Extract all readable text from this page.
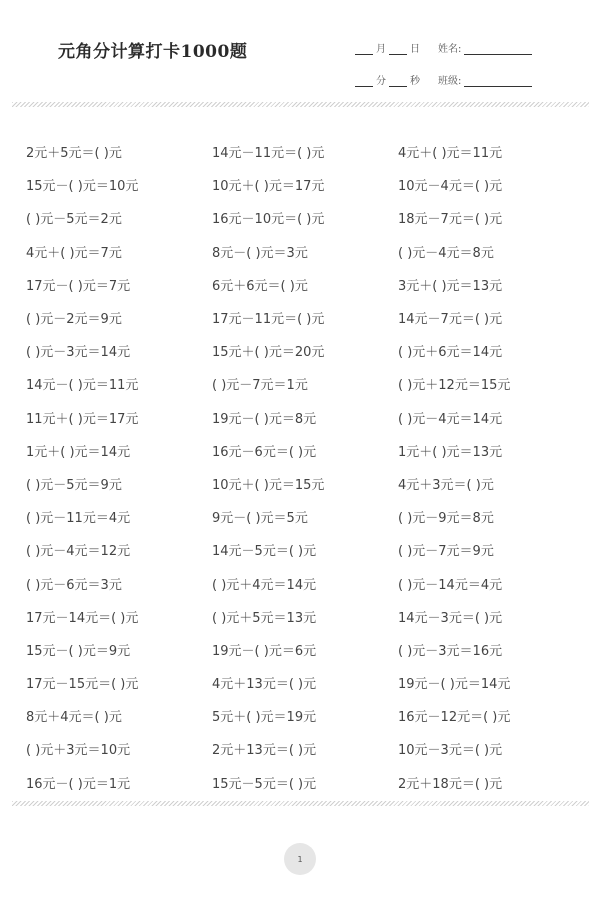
元角分计算打卡1000题	月 日 姓名:
分 秒 班级:
2元＋5元＝( )元	14元－11元＝( )元	4元＋( )元＝11元
15元－( )元＝10元	10元＋( )元＝17元	10元－4元＝( )元
( )元－5元＝2元	16元－10元＝( )元	18元－7元＝( )元
4元＋( )元＝7元	8元－( )元＝3元	( )元－4元＝8元
17元－( )元＝7元	6元＋6元＝( )元	3元＋( )元＝13元
( )元－2元＝9元	17元－11元＝( )元	14元－7元＝( )元
( )元－3元＝14元	15元＋( )元＝20元	( )元＋6元＝14元
14元－( )元＝11元	( )元－7元＝1元	( )元＋12元＝15元
11元＋( )元＝17元	19元－( )元＝8元	( )元－4元＝14元
1元＋( )元＝14元	16元－6元＝( )元	1元＋( )元＝13元
( )元－5元＝9元	10元＋( )元＝15元	4元＋3元＝( )元
( )元－11元＝4元	9元－( )元＝5元	( )元－9元＝8元
( )元－4元＝12元	14元－5元＝( )元	( )元－7元＝9元
( )元－6元＝3元	( )元＋4元＝14元	( )元－14元＝4元
17元－14元＝( )元	( )元＋5元＝13元	14元－3元＝( )元
15元－( )元＝9元	19元－( )元＝6元	( )元－3元＝16元
17元－15元＝( )元	4元＋13元＝( )元	19元－( )元＝14元
8元＋4元＝( )元	5元＋( )元＝19元	16元－12元＝( )元
( )元＋3元＝10元	2元＋13元＝( )元	10元－3元＝( )元
16元－( )元＝1元	15元－5元＝( )元	2元＋18元＝( )元
1
